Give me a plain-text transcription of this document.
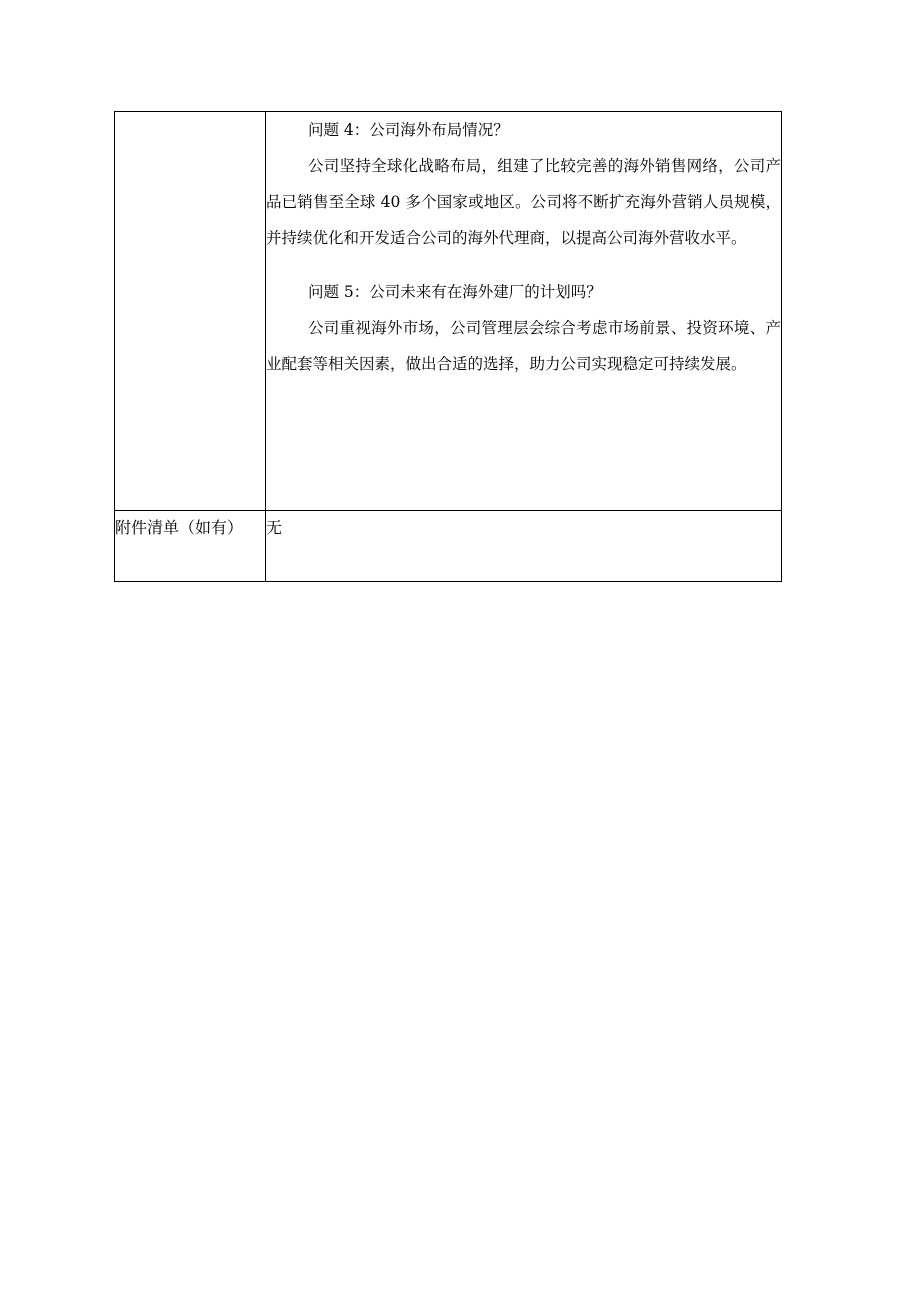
	问题 4：公司海外布局情况？

公司坚持全球化战略布局，组建了比较完善的海外销售网络，公司产品已销售至全球 40 多个国家或地区。公司将不断扩充海外营销人员规模，并持续优化和开发适合公司的海外代理商，以提高公司海外营收水平。

问题 5：公司未来有在海外建厂的计划吗？

公司重视海外市场，公司管理层会综合考虑市场前景、投资环境、产业配套等相关因素，做出合适的选择，助力公司实现稳定可持续发展。

附件清单（如有）	无
